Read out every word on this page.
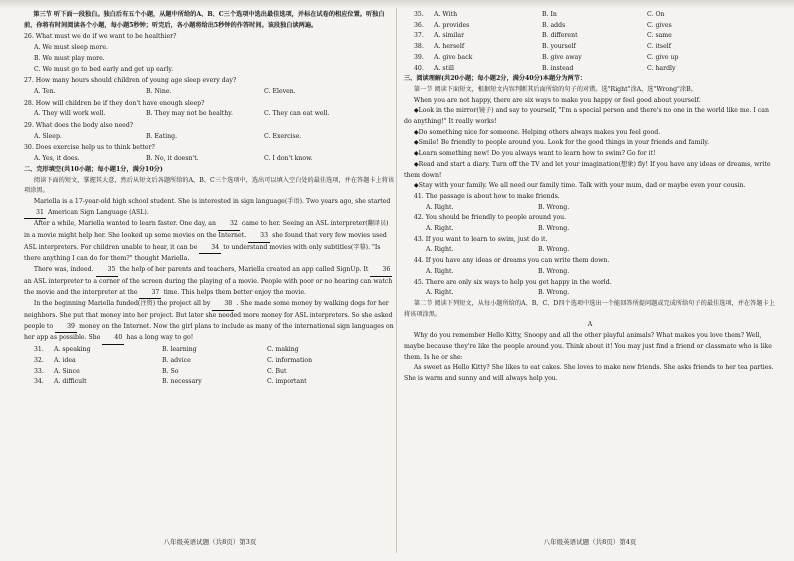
第三节 听下面一段独白。独白后有五个小题，从题中所给的A、B、C三个选项中选出最佳选项，并标在试卷的相应位置。听独白前，你将有时间阅读各个小题，每小题5秒钟；听完后，各小题将给出5秒钟的作答时间。该段独白读两遍。

26. What must we do if we want to be healthier?

A. We must sleep more.

B. We must play more.

C. We must go to bed early and get up early.

27. How many hours should children of young age sleep every day?

A. Ten.	B. Nine.	C. Eleven.

28. How will children be if they don't have enough sleep?

A. They will work well.	B. They may not be healthy.	C. They can eat well.

29. What does the body also need?

A. Sleep.	B. Eating.	C. Exercise.

30. Does exercise help us to think better?

A. Yes, it does.	B. No, it doesn't.	C. I don't know.

二、完形填空(共10小题；每小题1分，满分10分)

阅读下面的短文，掌握其大意，然后从短文后各题所给的A、B、C三个选项中，选出可以填入空白处的最佳选项，并在答题卡上将该项涂黑。

Mariella is a 17-year-old high school student. She is interested in sign language(手语). Two years ago, she started 31 American Sign Language (ASL).

After a while, Mariella wanted to learn faster. One day, an 32 came to her. Seeing an ASL interpreter(翻译员) in a movie might help her. She looked up some movies on the Internet. 33 she found that very few movies used ASL interpreters. For children unable to hear, it can be 34 to understand movies with only subtitles(字幕). "Is there anything I can do for them?" thought Mariella.

There was, indeed. 35 the help of her parents and teachers, Mariella created an app called SignUp. It 36 an ASL interpreter to a corner of the screen during the playing of a movie. People with poor or no hearing can watch the movie and the interpreter at the 37 time. This helps them better enjoy the movie.

In the beginning Mariella funded(注资) the project all by 38 . She made some money by walking dogs for her neighbors. She put that money into her project. But later she needed more money for ASL interpreters. So she asked people to 39 money on the Internet. Now the girl plans to include as many of the international sign languages on her app as possible. She 40 has a long way to go!

31.	A. speaking	B. learning	C. making
32.	A. idea	B. advice	C. information
33.	A. Since	B. So	C. But
34.	A. difficult	B. necessary	C. important
八年级英语试题（共8页）第3页
35.	A. With	B. In	C. On
36.	A. provides	B. adds	C. gives
37.	A. similar	B. different	C. same
38.	A. herself	B. yourself	C. itself
39.	A. give back	B. give away	C. give up
40.	A. still	B. instead	C. hardly

三、阅读理解(共20小题；每小题2分，满分40分)本题分为两节：

第一节 阅读下面短文，根据短文内容判断其后面所给的句子的对错。选"Right"涂A，选"Wrong"涂B。

When you are not happy, there are six ways to make you happy or feel good about yourself.

◆Look in the mirror(镜子) and say to yourself, "I'm a special person and there's no one in the world like me. I can do anything!" It really works!

◆Do something nice for someone. Helping others always makes you feel good.

◆Smile! Be friendly to people around you. Look for the good things in your friends and family.

◆Learn something new! Do you always want to learn how to swim? Go for it!

◆Read and start a diary. Turn off the TV and let your imagination(想象) fly! If you have any ideas or dreams, write them down!

◆Stay with your family. We all need our family time. Talk with your mum, dad or maybe even your cousin.

41. The passage is about how to make friends.

A. Right.	B. Wrong.

42. You should be friendly to people around you.

A. Right.	B. Wrong.

43. If you want to learn to swim, just do it.

A. Right.	B. Wrong.

44. If you have any ideas or dreams you can write them down.

A. Right.	B. Wrong.

45. There are only six ways to help you get happy in the world.

A. Right.	B. Wrong.

第二节 阅读下列短文，从每小题所给的A、B、C、D四个选项中选出一个能回答所提问题或完成所给句子的最佳选项，并在答题卡上将该项涂黑。

A

Why do you remember Hello Kitty, Snoopy and all the other playful animals? What makes you love them? Well, maybe because they're like the people around you. Think about it! You may just find a friend or classmate who is like them. Is he or she:

As sweet as Hello Kitty? She likes to eat cakes. She loves to make new friends. She asks friends to her tea parties. She is warm and sunny and will always help you.

八年级英语试题（共8页）第4页
